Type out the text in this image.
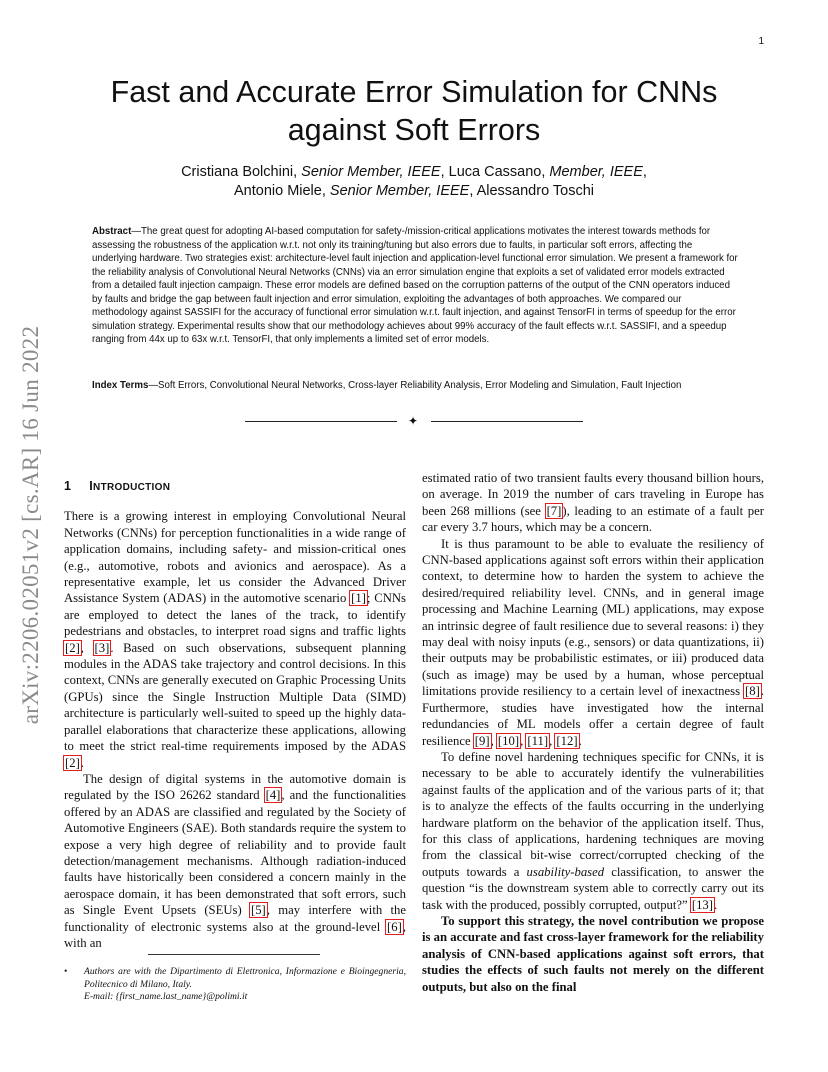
1
arXiv:2206.02051v2 [cs.AR] 16 Jun 2022
Fast and Accurate Error Simulation for CNNs
against Soft Errors
Cristiana Bolchini, Senior Member, IEEE, Luca Cassano, Member, IEEE,
Antonio Miele, Senior Member, IEEE, Alessandro Toschi
Abstract—The great quest for adopting AI-based computation for safety-/mission-critical applications motivates the interest towards methods for assessing the robustness of the application w.r.t. not only its training/tuning but also errors due to faults, in particular soft errors, affecting the underlying hardware. Two strategies exist: architecture-level fault injection and application-level functional error simulation. We present a framework for the reliability analysis of Convolutional Neural Networks (CNNs) via an error simulation engine that exploits a set of validated error models extracted from a detailed fault injection campaign. These error models are defined based on the corruption patterns of the output of the CNN operators induced by faults and bridge the gap between fault injection and error simulation, exploiting the advantages of both approaches. We compared our methodology against SASSIFI for the accuracy of functional error simulation w.r.t. fault injection, and against TensorFI in terms of speedup for the error simulation strategy. Experimental results show that our methodology achieves about 99% accuracy of the fault effects w.r.t. SASSIFI, and a speedup ranging from 44x up to 63x w.r.t. TensorFI, that only implements a limited set of error models.
Index Terms—Soft Errors, Convolutional Neural Networks, Cross-layer Reliability Analysis, Error Modeling and Simulation, Fault Injection
✦
1 INTRODUCTION

There is a growing interest in employing Convolutional Neural Networks (CNNs) for perception functionalities in a wide range of application domains, including safety- and mission-critical ones (e.g., automotive, robots and avionics and aerospace). As a representative example, let us consider the Advanced Driver Assistance System (ADAS) in the automotive scenario [1]; CNNs are employed to detect the lanes of the track, to identify pedestrians and obstacles, to interpret road signs and traffic lights [2], [3]. Based on such observations, subsequent planning modules in the ADAS take trajectory and control decisions. In this context, CNNs are generally executed on Graphic Processing Units (GPUs) since the Single Instruction Multiple Data (SIMD) architecture is particularly well-suited to speed up the highly data-parallel elaborations that characterize these applications, allowing to meet the strict real-time requirements imposed by the ADAS [2].

The design of digital systems in the automotive domain is regulated by the ISO 26262 standard [4], and the functionalities offered by an ADAS are classified and regulated by the Society of Automotive Engineers (SAE). Both standards require the system to expose a very high degree of reliability and to provide fault detection/management mechanisms. Although radiation-induced faults have historically been considered a concern mainly in the aerospace domain, it has been demonstrated that soft errors, such as Single Event Upsets (SEUs) [5], may interfere with the functionality of electronic systems also at the ground-level [6], with an

• Authors are with the Dipartimento di Elettronica, Informazione e Bioingegneria, Politecnico di Milano, Italy.
E-mail: {first_name.last_name}@polimi.it

estimated ratio of two transient faults every thousand billion hours, on average. In 2019 the number of cars traveling in Europe has been 268 millions (see [7]), leading to an estimate of a fault per car every 3.7 hours, which may be a concern.

It is thus paramount to be able to evaluate the resiliency of CNN-based applications against soft errors within their application context, to determine how to harden the system to achieve the desired/required reliability level. CNNs, and in general image processing and Machine Learning (ML) applications, may expose an intrinsic degree of fault resilience due to several reasons: i) they may deal with noisy inputs (e.g., sensors) or data quantizations, ii) their outputs may be probabilistic estimates, or iii) produced data (such as image) may be used by a human, whose perceptual limitations provide resiliency to a certain level of inexactness [8]. Furthermore, studies have investigated how the internal redundancies of ML models offer a certain degree of fault resilience [9], [10], [11], [12].

To define novel hardening techniques specific for CNNs, it is necessary to be able to accurately identify the vulnerabilities against faults of the application and of the various parts of it; that is to analyze the effects of the faults occurring in the underlying hardware platform on the behavior of the application itself. Thus, for this class of applications, hardening techniques are moving from the classical bit-wise correct/corrupted checking of the outputs towards a usability-based classification, to answer the question “is the downstream system able to correctly carry out its task with the produced, possibly corrupted, output?” [13].

To support this strategy, the novel contribution we propose is an accurate and fast cross-layer framework for the reliability analysis of CNN-based applications against soft errors, that studies the effects of such faults not merely on the different outputs, but also on the final
